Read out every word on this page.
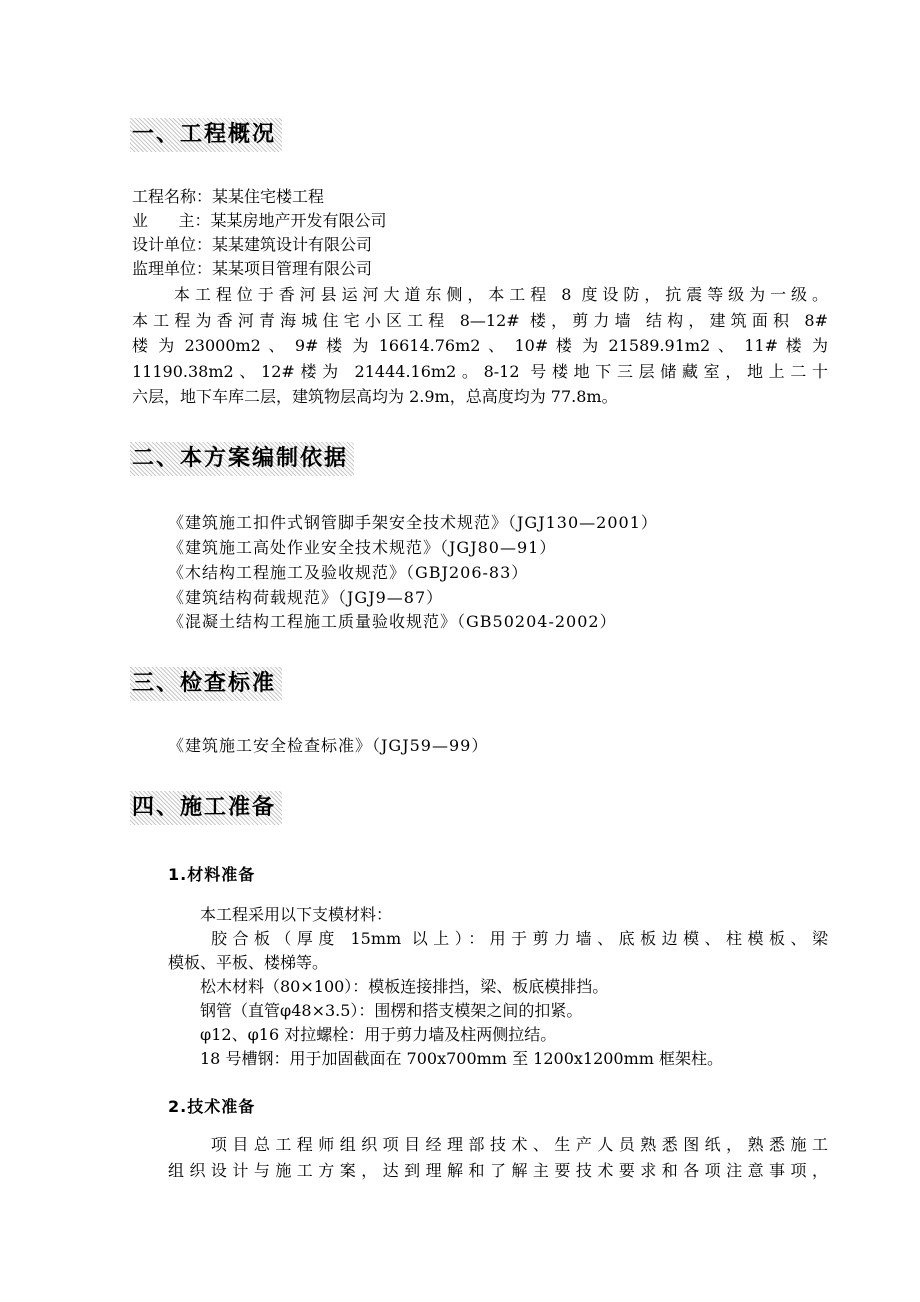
一、工程概况
工程名称：某某住宅楼工程
业      主：某某房地产开发有限公司
设计单位：某某建筑设计有限公司
监理单位：某某项目管理有限公司
　　本工程位于香河县运河大道东侧，本工程 8 度设防，抗震等级为一级。
本工程为香河青海城住宅小区工程 8—12# 楼，剪力墙 结构，建筑面积 8#
楼 为 23000m2 、 9# 楼 为 16614.76m2 、 10# 楼 为 21589.91m2 、 11# 楼 为
11190.38m2、12#楼为 21444.16m2。8-12 号楼地下三层储藏室，地上二十
六层，地下车库二层，建筑物层高均为 2.9m，总高度均为 77.8m。
二、本方案编制依据
《建筑施工扣件式钢管脚手架安全技术规范》（JGJ130—2001）
《建筑施工高处作业安全技术规范》（JGJ80—91）
《木结构工程施工及验收规范》（GBJ206-83）
《建筑结构荷载规范》（JGJ9—87）
《混凝土结构工程施工质量验收规范》（GB50204-2002）
三、检查标准
《建筑施工安全检查标准》（JGJ59—99）
四、施工准备
1.材料准备
　　本工程采用以下支模材料：
　　胶合板（厚度 15mm 以上）：用于剪力墙、底板边模、柱模板、梁
模板、平板、楼梯等。
　　松木材料（80×100）：模板连接排挡，梁、板底模排挡。
　　钢管（直管φ48×3.5）：围楞和搭支模架之间的扣紧。
　　φ12、φ16 对拉螺栓：用于剪力墙及柱两侧拉结。
　　18 号槽钢：用于加固截面在 700x700mm 至 1200x1200mm 框架柱。
2.技术准备
　　项目总工程师组织项目经理部技术、生产人员熟悉图纸，熟悉施工
组织设计与施工方案，达到理解和了解主要技术要求和各项注意事项，
